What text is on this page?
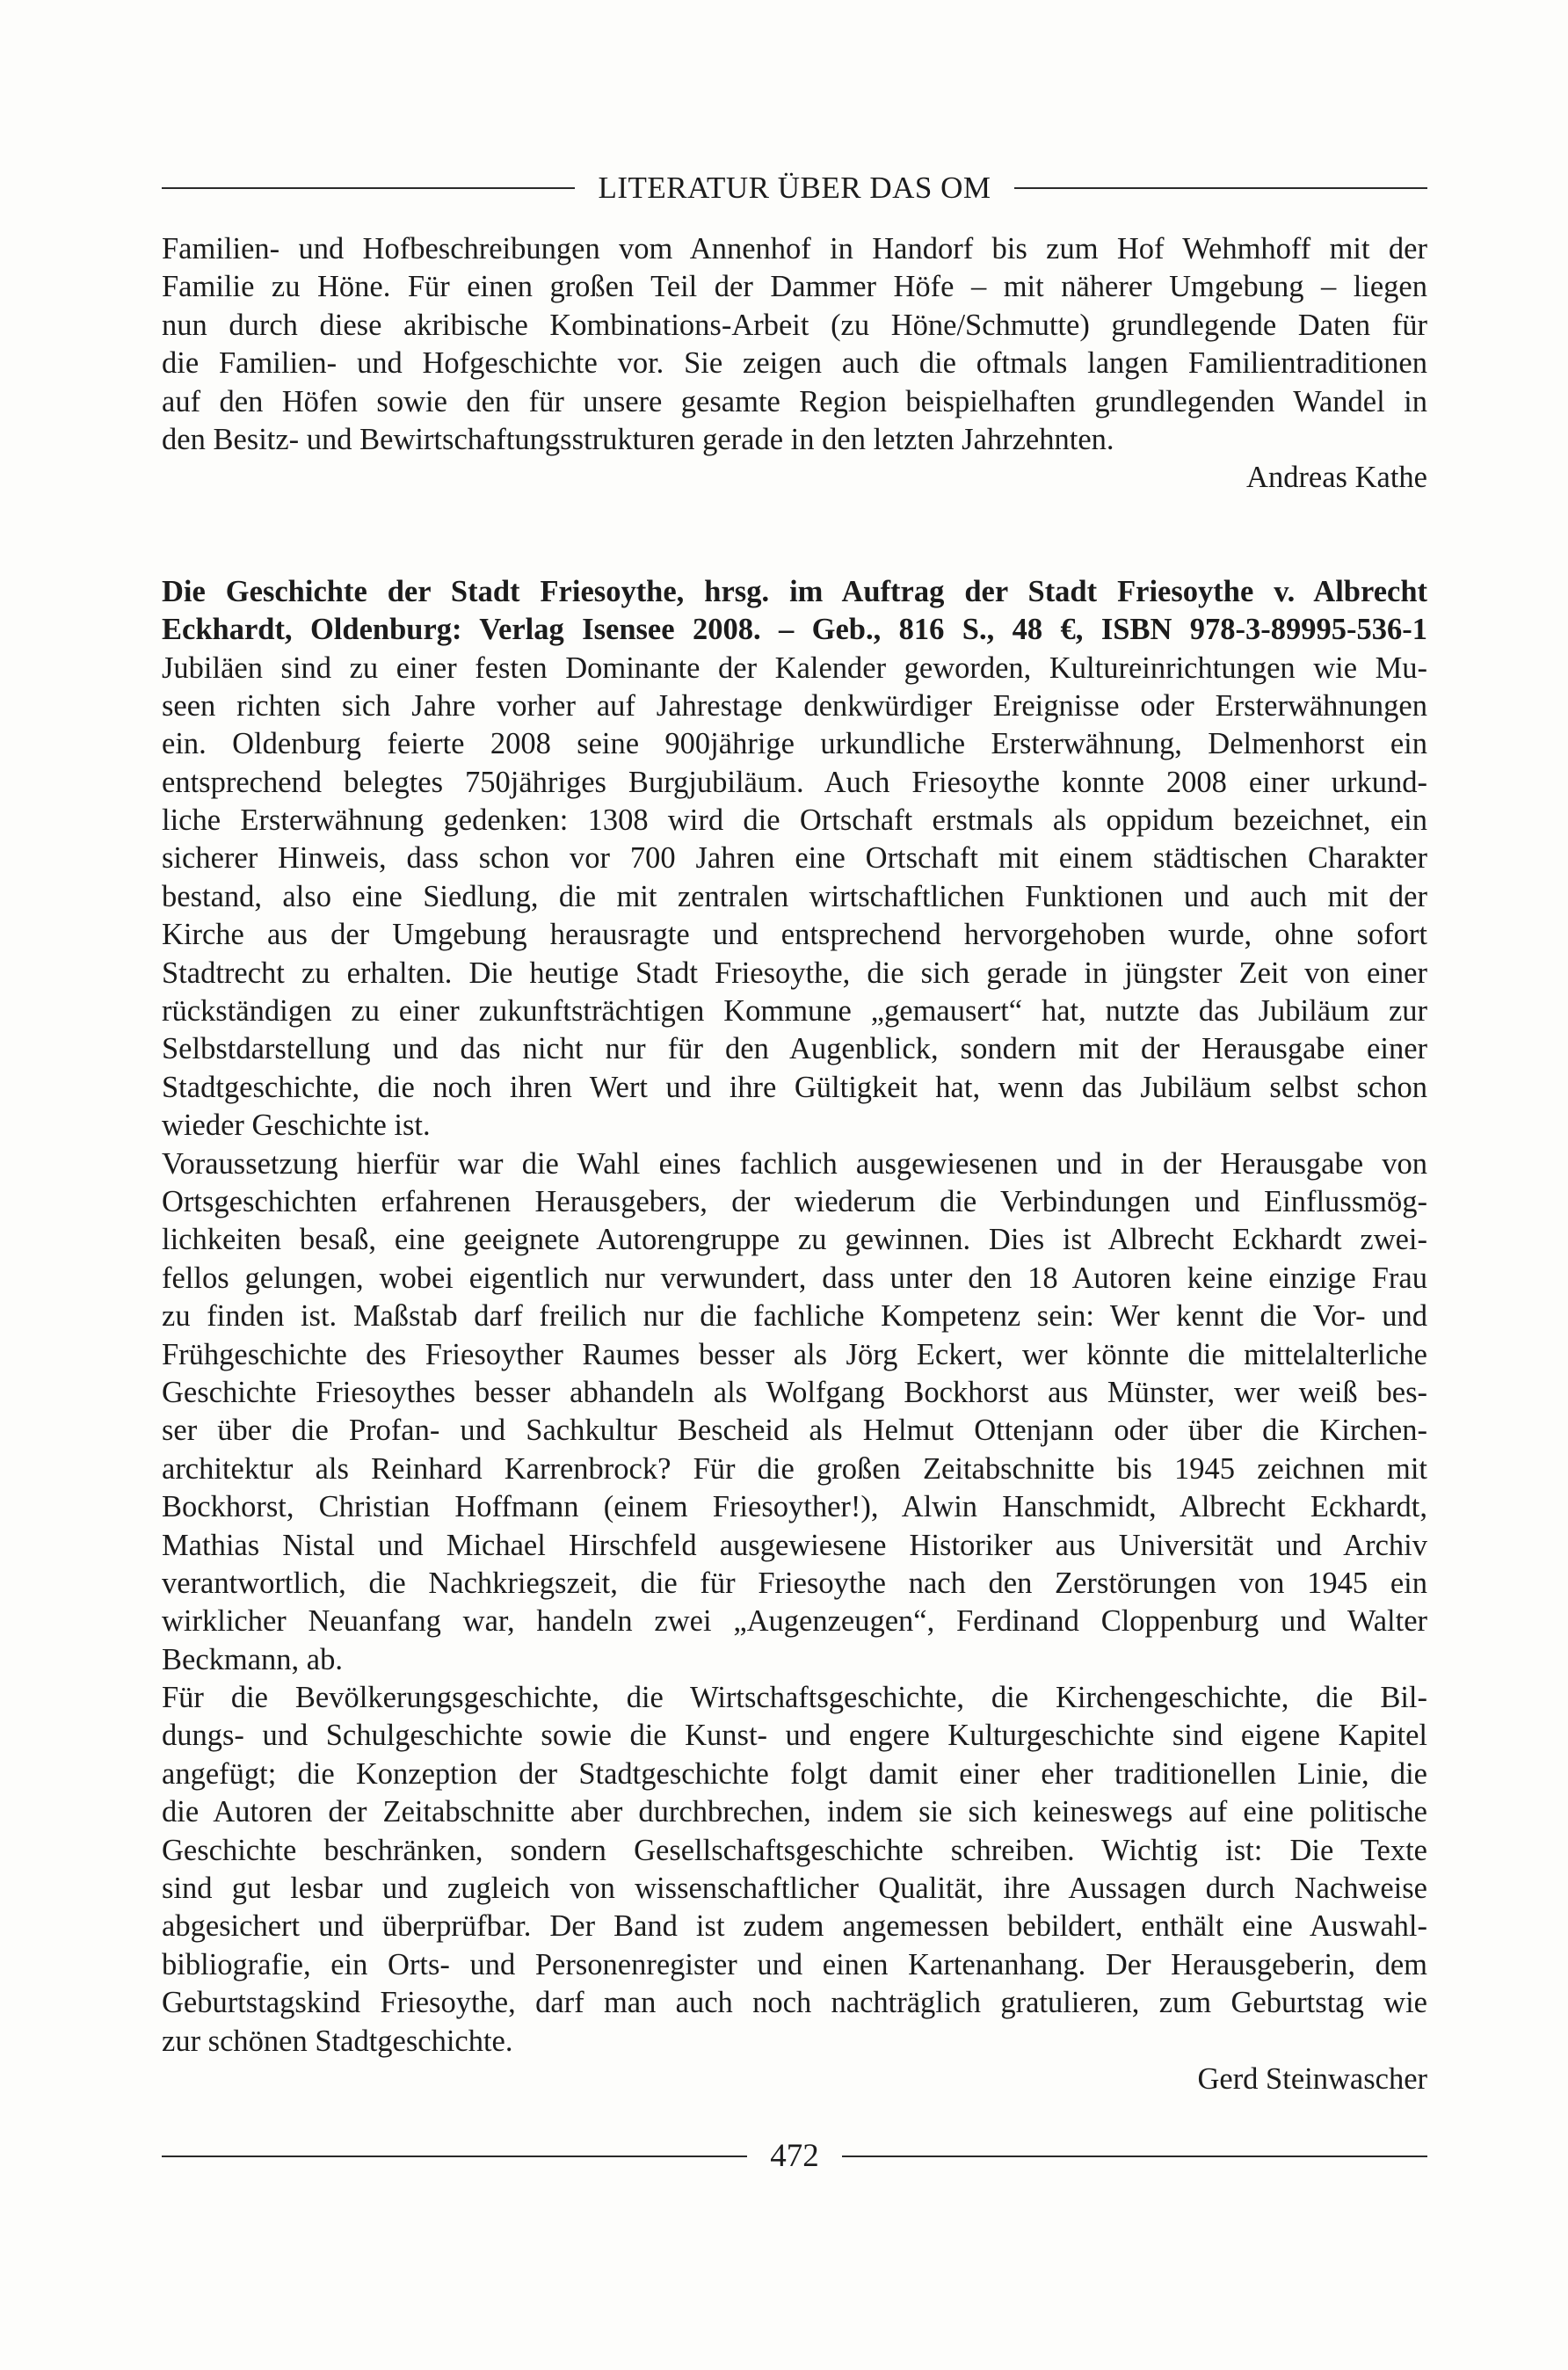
LITERATUR ÜBER DAS OM
Familien- und Hofbeschreibungen vom Annenhof in Handorf bis zum Hof Wehmhoff mit der
Familie zu Höne. Für einen großen Teil der Dammer Höfe – mit näherer Umgebung – liegen
nun durch diese akribische Kombinations-Arbeit (zu Höne/Schmutte) grundlegende Daten für
die Familien- und Hofgeschichte vor. Sie zeigen auch die oftmals langen Familientraditionen
auf den Höfen sowie den für unsere gesamte Region beispielhaften grundlegenden Wandel in
den Besitz- und Bewirtschaftungsstrukturen gerade in den letzten Jahrzehnten.
Andreas Kathe
Die Geschichte der Stadt Friesoythe, hrsg. im Auftrag der Stadt Friesoythe v. Albrecht
Eckhardt, Oldenburg: Verlag Isensee 2008. – Geb., 816 S., 48 €, ISBN 978-3-89995-536-1
Jubiläen sind zu einer festen Dominante der Kalender geworden, Kultureinrichtungen wie Mu-
seen richten sich Jahre vorher auf Jahrestage denkwürdiger Ereignisse oder Ersterwähnungen
ein. Oldenburg feierte 2008 seine 900jährige urkundliche Ersterwähnung, Delmenhorst ein
entsprechend belegtes 750jähriges Burgjubiläum. Auch Friesoythe konnte 2008 einer urkund-
liche Ersterwähnung gedenken: 1308 wird die Ortschaft erstmals als oppidum bezeichnet, ein
sicherer Hinweis, dass schon vor 700 Jahren eine Ortschaft mit einem städtischen Charakter
bestand, also eine Siedlung, die mit zentralen wirtschaftlichen Funktionen und auch mit der
Kirche aus der Umgebung herausragte und entsprechend hervorgehoben wurde, ohne sofort
Stadtrecht zu erhalten. Die heutige Stadt Friesoythe, die sich gerade in jüngster Zeit von einer
rückständigen zu einer zukunftsträchtigen Kommune „gemausert“ hat, nutzte das Jubiläum zur
Selbstdarstellung und das nicht nur für den Augenblick, sondern mit der Herausgabe einer
Stadtgeschichte, die noch ihren Wert und ihre Gültigkeit hat, wenn das Jubiläum selbst schon
wieder Geschichte ist.
Voraussetzung hierfür war die Wahl eines fachlich ausgewiesenen und in der Herausgabe von
Ortsgeschichten erfahrenen Herausgebers, der wiederum die Verbindungen und Einflussmög-
lichkeiten besaß, eine geeignete Autorengruppe zu gewinnen. Dies ist Albrecht Eckhardt zwei-
fellos gelungen, wobei eigentlich nur verwundert, dass unter den 18 Autoren keine einzige Frau
zu finden ist. Maßstab darf freilich nur die fachliche Kompetenz sein: Wer kennt die Vor- und
Frühgeschichte des Friesoyther Raumes besser als Jörg Eckert, wer könnte die mittelalterliche
Geschichte Friesoythes besser abhandeln als Wolfgang Bockhorst aus Münster, wer weiß bes-
ser über die Profan- und Sachkultur Bescheid als Helmut Ottenjann oder über die Kirchen-
architektur als Reinhard Karrenbrock? Für die großen Zeitabschnitte bis 1945 zeichnen mit
Bockhorst, Christian Hoffmann (einem Friesoyther!), Alwin Hanschmidt, Albrecht Eckhardt,
Mathias Nistal und Michael Hirschfeld ausgewiesene Historiker aus Universität und Archiv
verantwortlich, die Nachkriegszeit, die für Friesoythe nach den Zerstörungen von 1945 ein
wirklicher Neuanfang war, handeln zwei „Augenzeugen“, Ferdinand Cloppenburg und Walter
Beckmann, ab.
Für die Bevölkerungsgeschichte, die Wirtschaftsgeschichte, die Kirchengeschichte, die Bil-
dungs- und Schulgeschichte sowie die Kunst- und engere Kulturgeschichte sind eigene Kapitel
angefügt; die Konzeption der Stadtgeschichte folgt damit einer eher traditionellen Linie, die
die Autoren der Zeitabschnitte aber durchbrechen, indem sie sich keineswegs auf eine politische
Geschichte beschränken, sondern Gesellschaftsgeschichte schreiben. Wichtig ist: Die Texte
sind gut lesbar und zugleich von wissenschaftlicher Qualität, ihre Aussagen durch Nachweise
abgesichert und überprüfbar. Der Band ist zudem angemessen bebildert, enthält eine Auswahl-
bibliografie, ein Orts- und Personenregister und einen Kartenanhang. Der Herausgeberin, dem
Geburtstagskind Friesoythe, darf man auch noch nachträglich gratulieren, zum Geburtstag wie
zur schönen Stadtgeschichte.
Gerd Steinwascher
472
